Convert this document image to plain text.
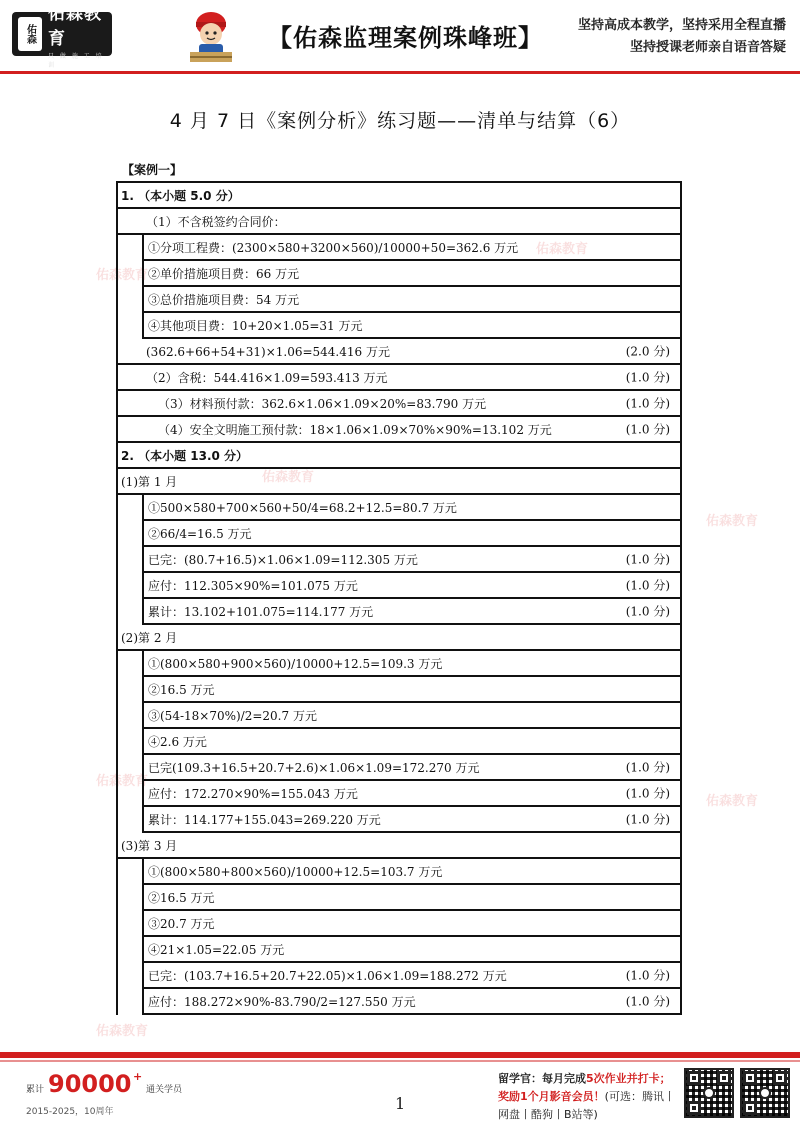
佑森
佑森教育
只 做 施 工 培 训
【佑森监理案例珠峰班】	坚持高成本教学，坚持采用全程直播
坚持授课老师亲自语音答疑
佑森教育
佑森教育
佑森教育
佑森教育
佑森教育
佑森教育
佑森教育
4 月 7 日《案例分析》练习题——清单与结算（6）
【案例一】
1. （本小题 5.0 分）
（1）不含税签约合同价：
①分项工程费：(2300×580+3200×560)/10000+50=362.6 万元
②单价措施项目费：66 万元
③总价措施项目费：54 万元
④其他项目费：10+20×1.05=31 万元
(362.6+66+54+31)×1.06=544.416 万元	(2.0 分)
（2）含税：544.416×1.09=593.413 万元	(1.0 分)
（3）材料预付款：362.6×1.06×1.09×20%=83.790 万元	(1.0 分)
（4）安全文明施工预付款：18×1.06×1.09×70%×90%=13.102 万元	(1.0 分)
2. （本小题 13.0 分）
(1)第 1 月
①500×580+700×560+50/4=68.2+12.5=80.7 万元
②66/4=16.5 万元
已完：(80.7+16.5)×1.06×1.09=112.305 万元	(1.0 分)
应付：112.305×90%=101.075 万元	(1.0 分)
累计：13.102+101.075=114.177 万元	(1.0 分)
(2)第 2 月
①(800×580+900×560)/10000+12.5=109.3 万元
②16.5 万元
③(54-18×70%)/2=20.7 万元
④2.6 万元
已完(109.3+16.5+20.7+2.6)×1.06×1.09=172.270 万元	(1.0 分)
应付：172.270×90%=155.043 万元	(1.0 分)
累计：114.177+155.043=269.220 万元	(1.0 分)
(3)第 3 月
①(800×580+800×560)/10000+12.5=103.7 万元
②16.5 万元
③20.7 万元
④21×1.05=22.05 万元
已完：(103.7+16.5+20.7+22.05)×1.06×1.09=188.272 万元	(1.0 分)
应付：188.272×90%-83.790/2=127.550 万元	(1.0 分)
累计 90000 +
通关学员
2015-2025，10周年	1
留学官：每月完成5次作业并打卡；
奖励1个月影音会员！(可选：腾讯丨
网盘丨酷狗丨B站等)
